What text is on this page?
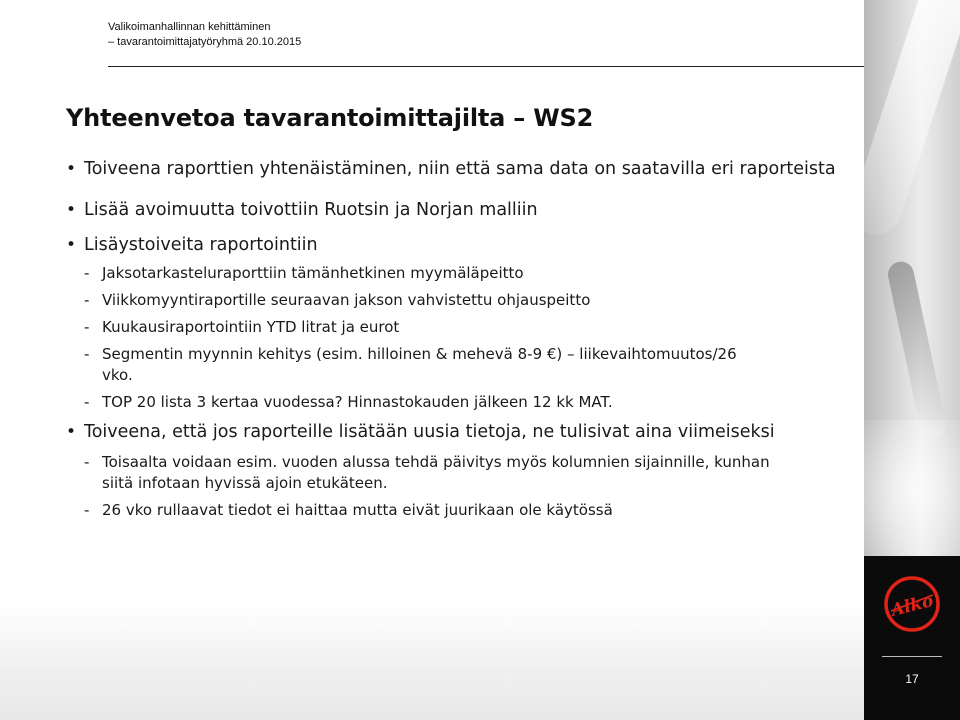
Valikoimanhallinnan kehittäminen
– tavarantoimittajatyöryhmä 20.10.2015
Yhteenvetoa tavarantoimittajilta – WS2
• Toiveena raporttien yhtenäistäminen, niin että sama data on saatavilla eri raporteista
• Lisää avoimuutta toivottiin Ruotsin ja Norjan malliin
• Lisäystoiveita raportointiin
- Jaksotarkasteluraporttiin tämänhetkinen myymäläpeitto
- Viikkomyyntiraportille seuraavan jakson vahvistettu ohjauspeitto
- Kuukausiraportointiin YTD litrat ja eurot
- Segmentin myynnin kehitys (esim. hilloinen & mehevä 8-9 €) – liikevaihtomuutos/26 vko.
- TOP 20 lista 3 kertaa vuodessa? Hinnastokauden jälkeen 12 kk MAT.
• Toiveena, että jos raporteille lisätään uusia tietoja, ne tulisivat aina viimeiseksi
- Toisaalta voidaan esim. vuoden alussa tehdä päivitys myös kolumnien sijainnille, kunhan siitä infotaan hyvissä ajoin etukäteen.
- 26 vko rullaavat tiedot ei haittaa mutta eivät juurikaan ole käytössä
Alko
17
